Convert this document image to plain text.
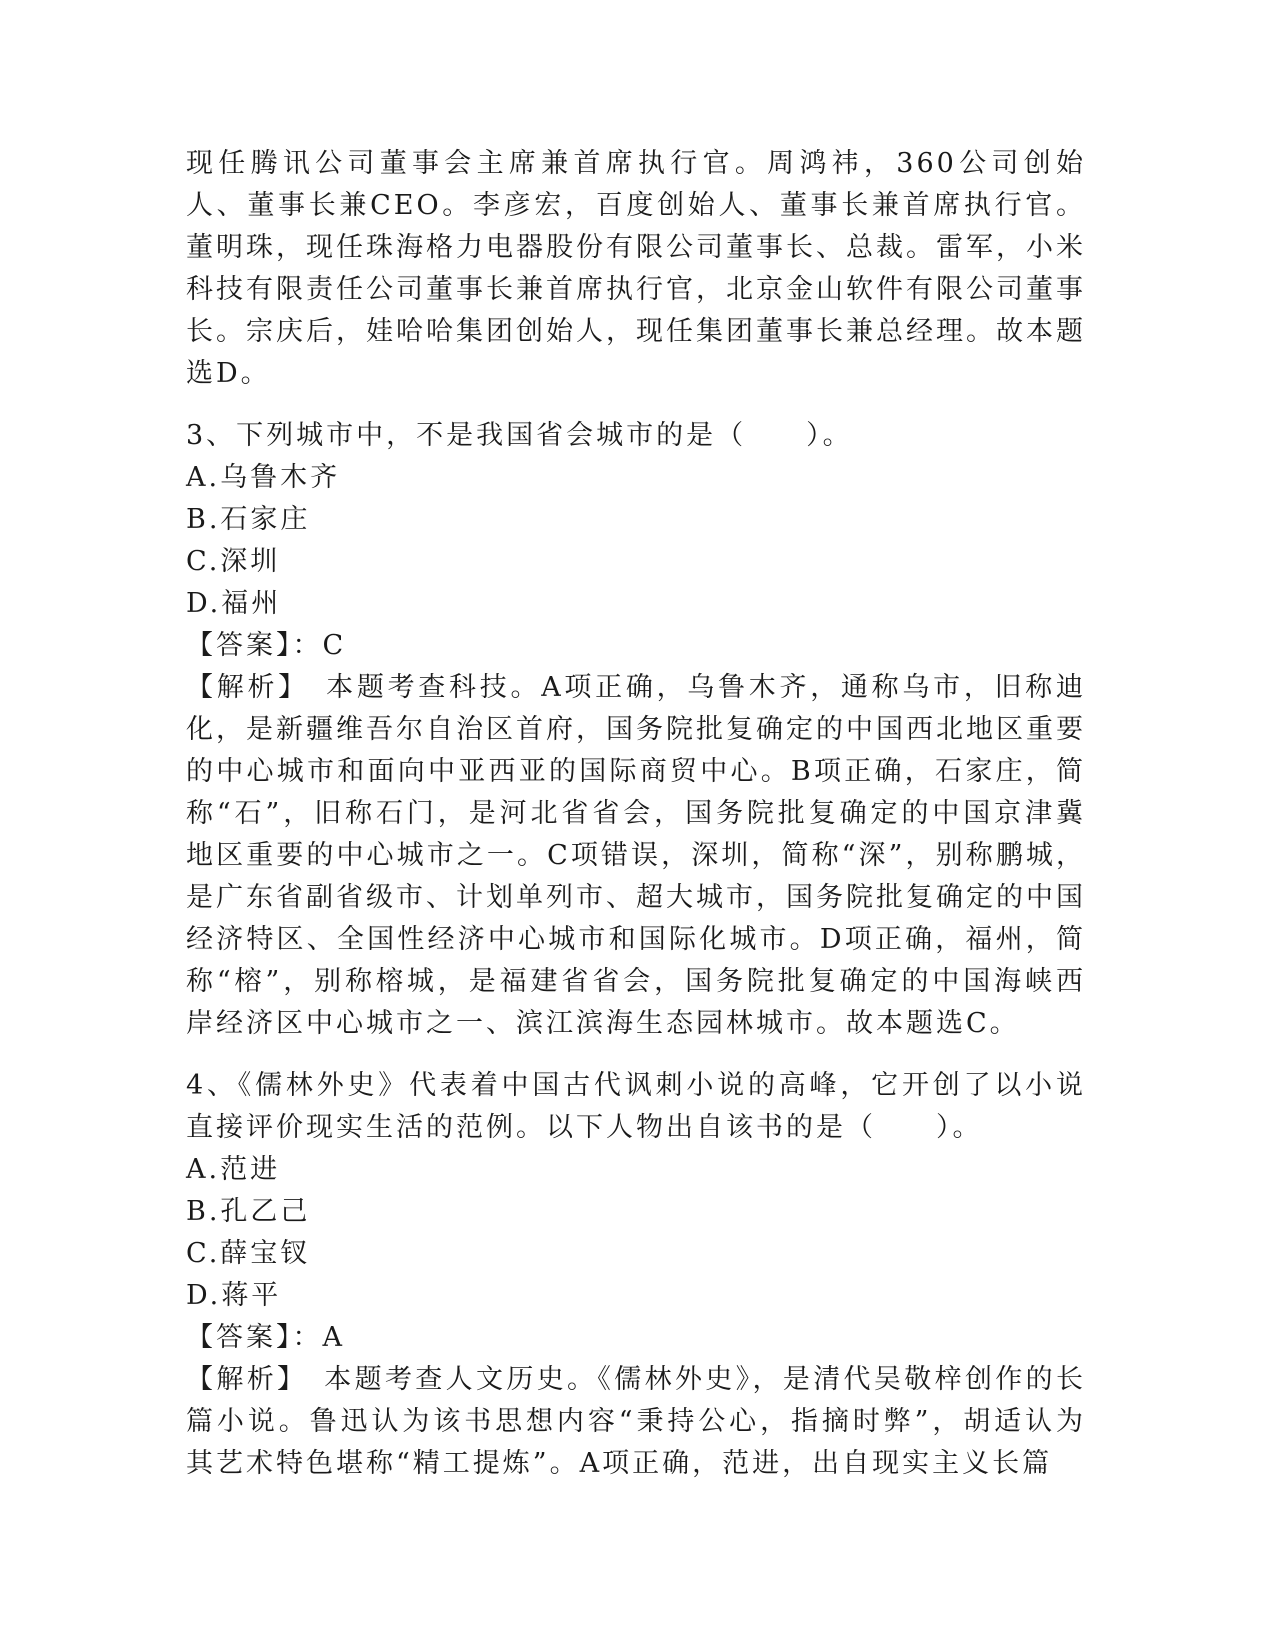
现任腾讯公司董事会主席兼首席执行官。周鸿祎，360公司创始人、董事长兼CEO。李彦宏，百度创始人、董事长兼首席执行官。董明珠，现任珠海格力电器股份有限公司董事长、总裁。雷军，小米科技有限责任公司董事长兼首席执行官，北京金山软件有限公司董事长。宗庆后，娃哈哈集团创始人，现任集团董事长兼总经理。故本题选D。

3、下列城市中，不是我国省会城市的是（　　）。

A.乌鲁木齐

B.石家庄

C.深圳

D.福州

【答案】：C

【解析】　本题考查科技。A项正确，乌鲁木齐，通称乌市，旧称迪化，是新疆维吾尔自治区首府，国务院批复确定的中国西北地区重要的中心城市和面向中亚西亚的国际商贸中心。B项正确，石家庄，简称“石”，旧称石门，是河北省省会，国务院批复确定的中国京津冀地区重要的中心城市之一。C项错误，深圳，简称“深”，别称鹏城，是广东省副省级市、计划单列市、超大城市，国务院批复确定的中国经济特区、全国性经济中心城市和国际化城市。D项正确，福州，简称“榕”，别称榕城，是福建省省会，国务院批复确定的中国海峡西岸经济区中心城市之一、滨江滨海生态园林城市。故本题选C。

4、《儒林外史》代表着中国古代讽刺小说的高峰，它开创了以小说直接评价现实生活的范例。以下人物出自该书的是（　　）。

A.范进

B.孔乙己

C.薛宝钗

D.蒋平

【答案】：A

【解析】　本题考查人文历史。《儒林外史》，是清代吴敬梓创作的长篇小说。鲁迅认为该书思想内容“秉持公心，指摘时弊”，胡适认为其艺术特色堪称“精工提炼”。A项正确，范进，出自现实主义长篇
